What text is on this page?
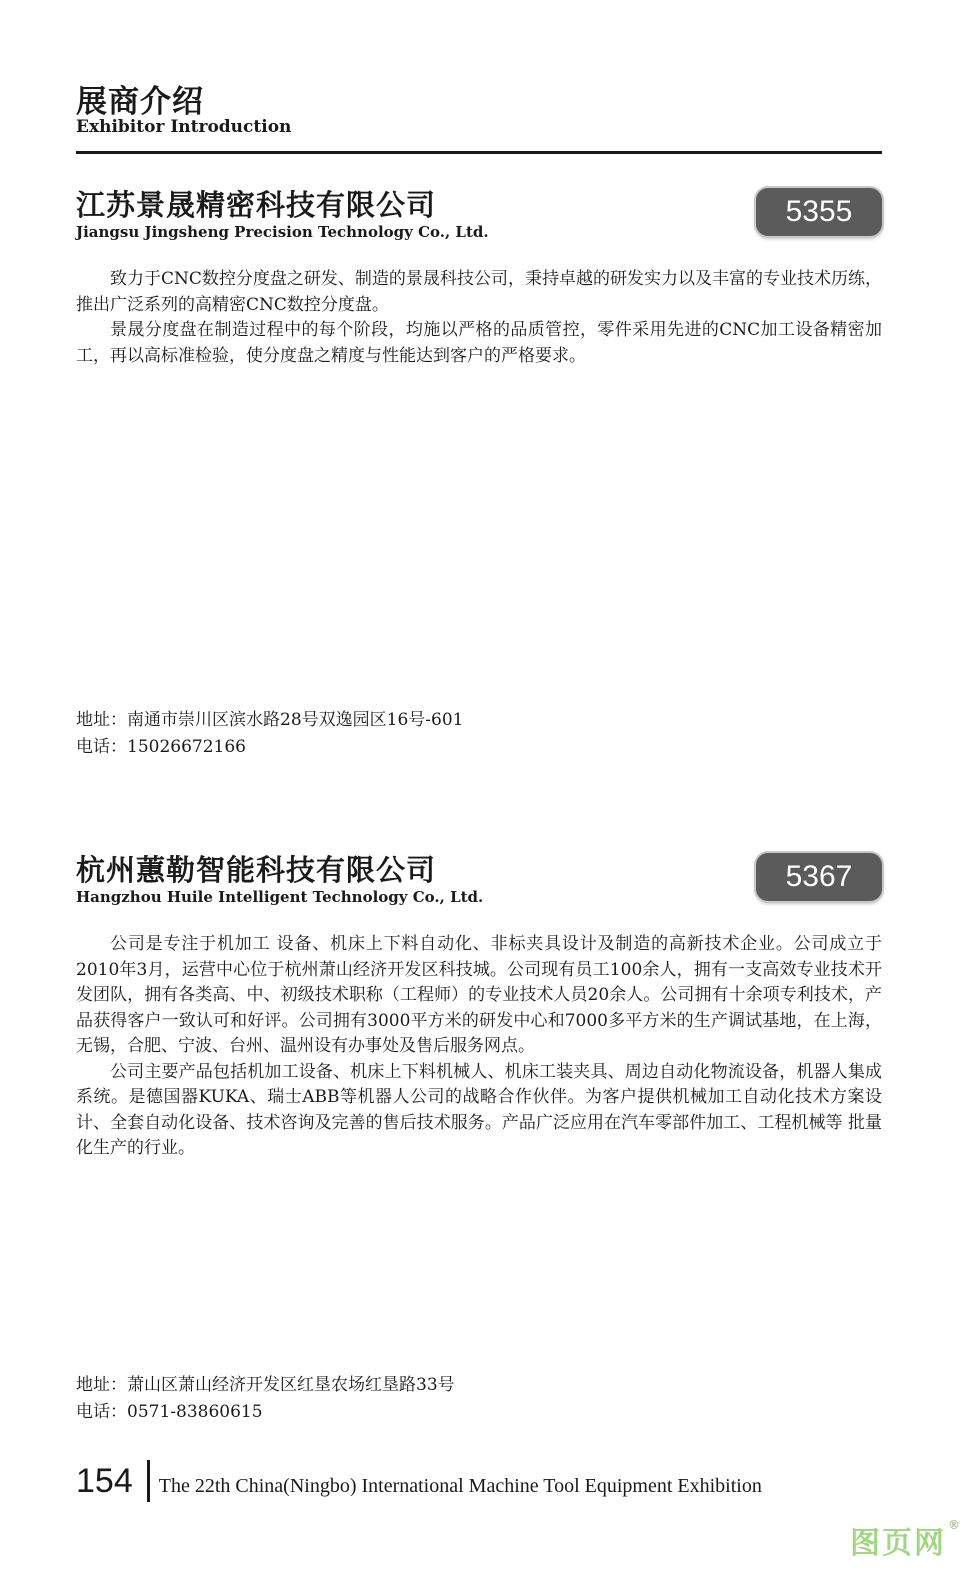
展商介绍
Exhibitor Introduction
江苏景晟精密科技有限公司
Jiangsu Jingsheng Precision Technology Co., Ltd.
5355

致力于CNC数控分度盘之研发、制造的景晟科技公司，秉持卓越的研发实力以及丰富的专业技术历练，推出广泛系列的高精密CNC数控分度盘。

景晟分度盘在制造过程中的每个阶段，均施以严格的品质管控，零件采用先进的CNC加工设备精密加工，再以高标准检验，使分度盘之精度与性能达到客户的严格要求。

地址：南通市崇川区滨水路28号双逸园区16号-601
电话：15026672166
杭州蕙勒智能科技有限公司
Hangzhou Huile Intelligent Technology Co., Ltd.
5367

公司是专注于机加工 设备、机床上下料自动化、非标夹具设计及制造的高新技术企业。公司成立于2010年3月，运营中心位于杭州萧山经济开发区科技城。公司现有员工100余人，拥有一支高效专业技术开发团队，拥有各类高、中、初级技术职称（工程师）的专业技术人员20余人。公司拥有十余项专利技术，产品获得客户一致认可和好评。公司拥有3000平方米的研发中心和7000多平方米的生产调试基地，在上海，无锡，合肥、宁波、台州、温州设有办事处及售后服务网点。

公司主要产品包括机加工设备、机床上下料机械人、机床工装夹具、周边自动化物流设备，机器人集成系统。是德国器KUKA、瑞士ABB等机器人公司的战略合作伙伴。为客户提供机械加工自动化技术方案设计、全套自动化设备、技术咨询及完善的售后技术服务。产品广泛应用在汽车零部件加工、工程机械等 批量化生产的行业。

地址：萧山区萧山经济开发区红垦农场红垦路33号
电话：0571-83860615
154 The 22th China(Ningbo) International Machine Tool Equipment Exhibition
图页网®
